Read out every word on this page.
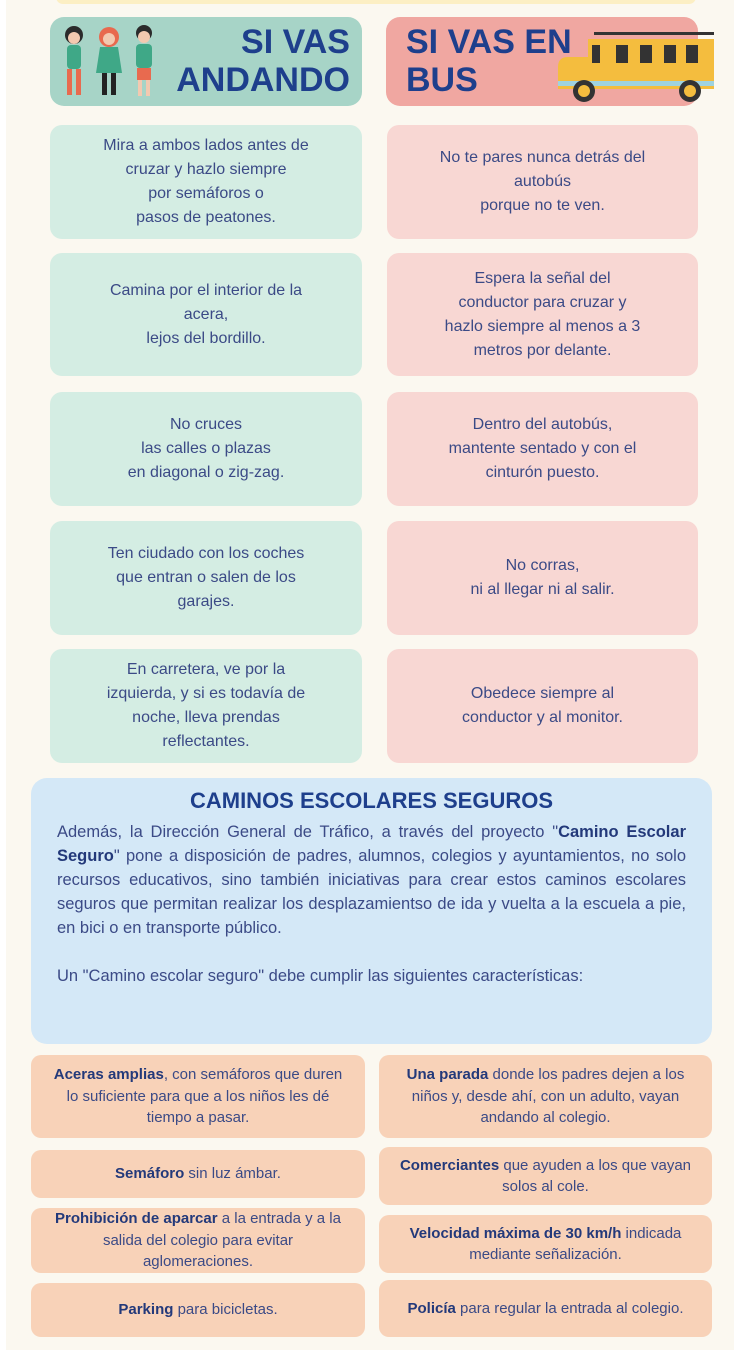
SI VAS
ANDANDO
SI VAS EN
BUS
Mira a ambos lados antes de
cruzar y hazlo siempre
por semáforos o
pasos de peatones.
Camina por el interior de la
acera,
lejos del bordillo.
No cruces
las calles o plazas
en diagonal o zig-zag.
Ten ciudado con los coches
que entran o salen de los
garajes.
En carretera, ve por la
izquierda, y si es todavía de
noche, lleva prendas
reflectantes.
No te pares nunca detrás del
autobús
porque no te ven.
Espera la señal del
conductor para cruzar y
hazlo siempre al menos a 3
metros por delante.
Dentro del autobús,
mantente sentado y con el
cinturón puesto.
No corras,
ni al llegar ni al salir.
Obedece siempre al
conductor y al monitor.
CAMINOS ESCOLARES SEGUROS

Además, la Dirección General de Tráfico, a través del proyecto "Camino Escolar Seguro" pone a disposición de padres, alumnos, colegios y ayuntamientos, no solo recursos educativos, sino también iniciativas para crear estos caminos escolares seguros que permitan realizar los desplazamientso de ida y vuelta a la escuela a pie, en bici o en transporte público.

Un "Camino escolar seguro" debe cumplir las siguientes características:

Aceras amplias, con semáforos que duren lo suficiente para que a los niños les dé tiempo a pasar.
Una parada donde los padres dejen a los niños y, desde ahí, con un adulto, vayan andando al colegio.
Semáforo sin luz ámbar.
Comerciantes que ayuden a los que vayan solos al cole.
Prohibición de aparcar a la entrada y a la salida del colegio para evitar aglomeraciones.
Velocidad máxima de 30 km/h indicada mediante señalización.
Parking para bicicletas.	Policía para regular la entrada al colegio.
